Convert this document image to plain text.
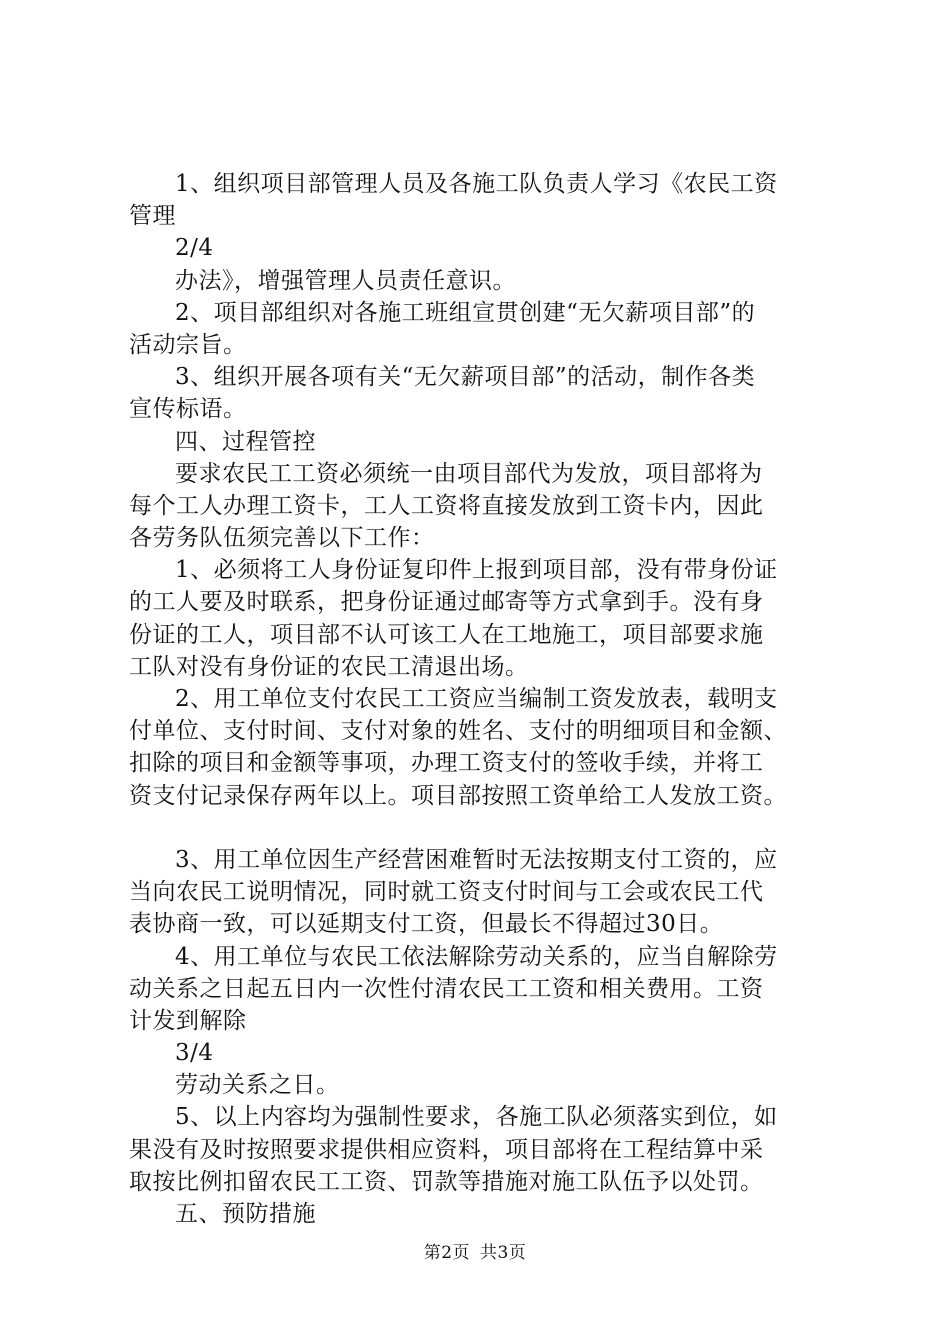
1、组织项目部管理人员及各施工队负责人学习《农民工资
管理
2/4
办法》，增强管理人员责任意识。
2、项目部组织对各施工班组宣贯创建“无欠薪项目部”的
活动宗旨。
3、组织开展各项有关“无欠薪项目部”的活动，制作各类
宣传标语。
四、过程管控
要求农民工工资必须统一由项目部代为发放，项目部将为
每个工人办理工资卡，工人工资将直接发放到工资卡内，因此
各劳务队伍须完善以下工作：
1、必须将工人身份证复印件上报到项目部，没有带身份证
的工人要及时联系，把身份证通过邮寄等方式拿到手。没有身
份证的工人，项目部不认可该工人在工地施工，项目部要求施
工队对没有身份证的农民工清退出场。
2、用工单位支付农民工工资应当编制工资发放表，载明支
付单位、支付时间、支付对象的姓名、支付的明细项目和金额、
扣除的项目和金额等事项，办理工资支付的签收手续，并将工
资支付记录保存两年以上。项目部按照工资单给工人发放工资。
3、用工单位因生产经营困难暂时无法按期支付工资的，应
当向农民工说明情况，同时就工资支付时间与工会或农民工代
表协商一致，可以延期支付工资，但最长不得超过30日。
4、用工单位与农民工依法解除劳动关系的，应当自解除劳
动关系之日起五日内一次性付清农民工工资和相关费用。工资
计发到解除
3/4
劳动关系之日。
5、以上内容均为强制性要求，各施工队必须落实到位，如
果没有及时按照要求提供相应资料，项目部将在工程结算中采
取按比例扣留农民工工资、罚款等措施对施工队伍予以处罚。
五、预防措施
第2页 共3页
